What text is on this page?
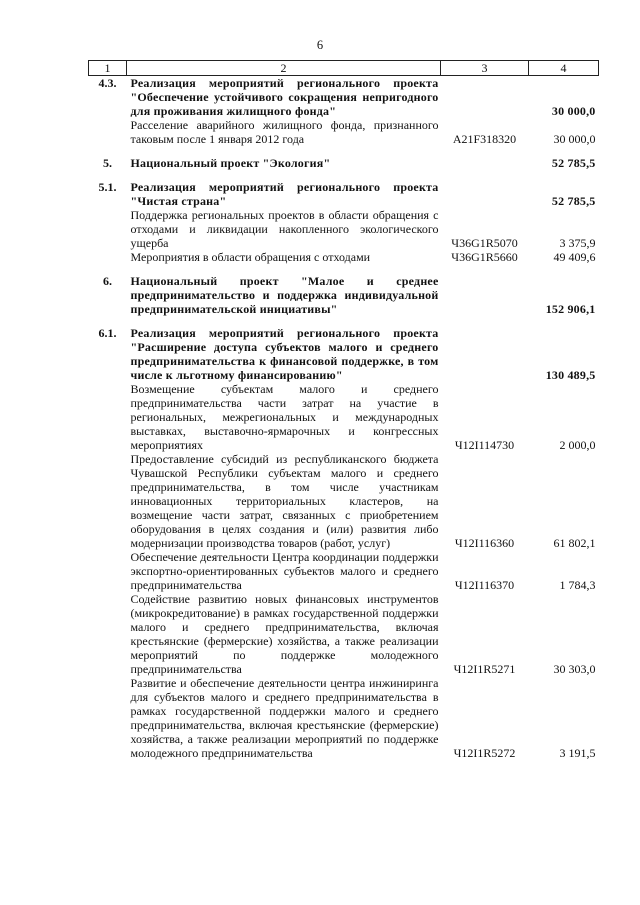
6
1	2	3	4
4.3.	Реализация мероприятий регионального проекта "Обеспечение устойчивого сокращения непригодного для проживания жилищного фонда"		30 000,0
	Расселение аварийного жилищного фонда, признанного таковым после 1 января 2012 года	A21F318320	30 000,0

5.	Национальный проект "Экология"		52 785,5

5.1.	Реализация мероприятий регионального проекта "Чистая страна"		52 785,5
	Поддержка региональных проектов в области обращения с отходами и ликвидации накопленного экологического ущерба	Ч36G1R5070	3 375,9
	Мероприятия в области обращения с отходами	Ч36G1R5660	49 409,6

6.	Национальный проект "Малое и среднее предпринимательство и поддержка индивидуальной предпринимательской инициативы"		152 906,1

6.1.	Реализация мероприятий регионального проекта "Расширение доступа субъектов малого и среднего предпринимательства к финансовой поддержке, в том числе к льготному финансированию"		130 489,5
	Возмещение субъектам малого и среднего предпринимательства части затрат на участие в региональных, межрегиональных и международных выставках, выставочно-ярмарочных и конгрессных мероприятиях	Ч12I114730	2 000,0
	Предоставление субсидий из республиканского бюджета Чувашской Республики субъектам малого и среднего предпринимательства, в том числе участникам инновационных территориальных кластеров, на возмещение части затрат, связанных с приобретением оборудования в целях создания и (или) развития либо модернизации производства товаров (работ, услуг)	Ч12I116360	61 802,1
	Обеспечение деятельности Центра координации поддержки экспортно-ориентированных субъектов малого и среднего предпринимательства	Ч12I116370	1 784,3
	Содействие развитию новых финансовых инструментов (микрокредитование) в рамках государственной поддержки малого и среднего предпринимательства, включая крестьянские (фермерские) хозяйства, а также реализации мероприятий по поддержке молодежного предпринимательства	Ч12I1R5271	30 303,0
	Развитие и обеспечение деятельности центра инжиниринга для субъектов малого и среднего предпринимательства в рамках государственной поддержки малого и среднего предпринимательства, включая крестьянские (фермерские) хозяйства, а также реализации мероприятий по поддержке молодежного предпринимательства	Ч12I1R5272	3 191,5
